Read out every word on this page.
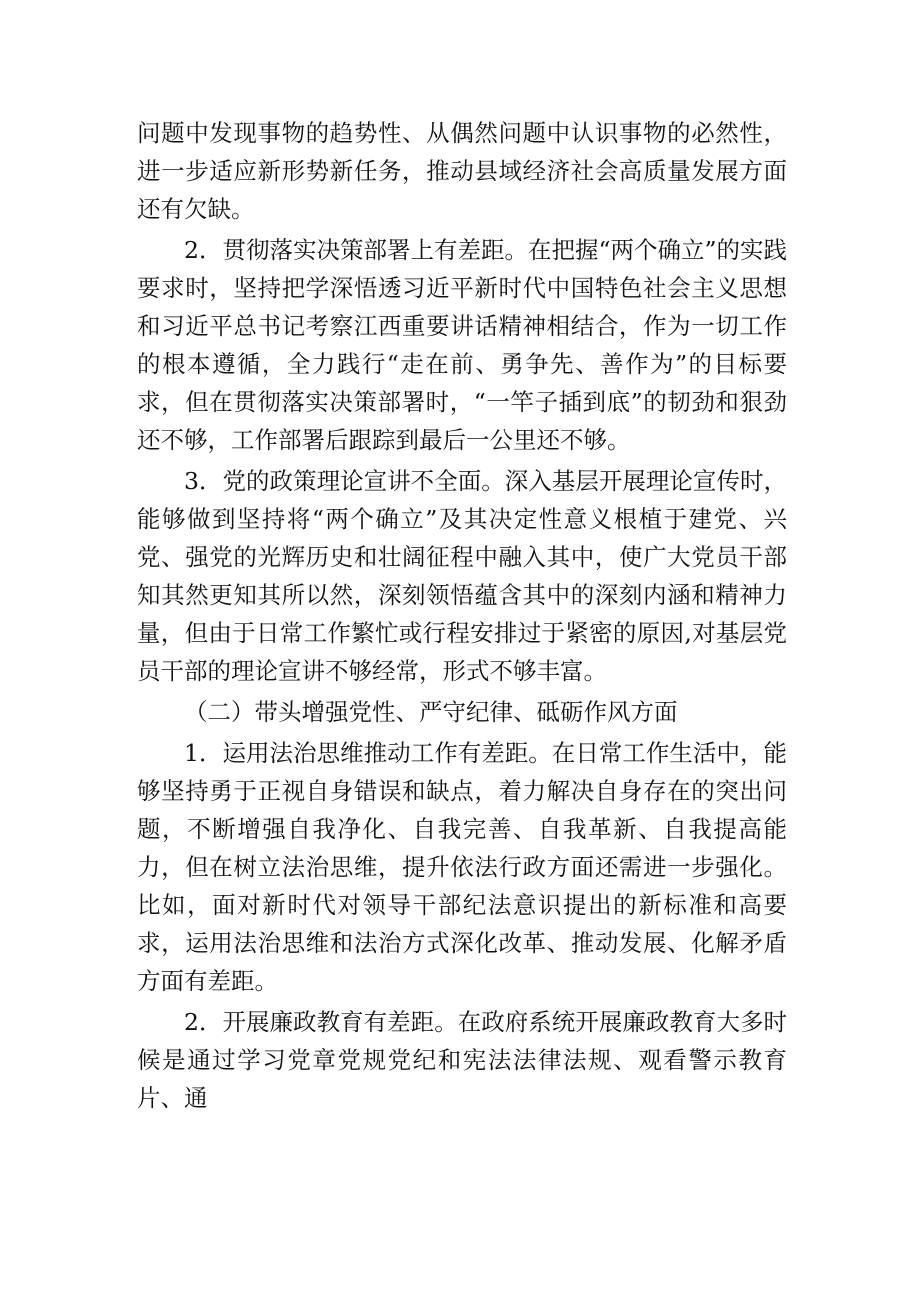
问题中发现事物的趋势性、从偶然问题中认识事物的必然性，进一步适应新形势新任务，推动县域经济社会高质量发展方面还有欠缺。

2．贯彻落实决策部署上有差距。在把握“两个确立”的实践要求时，坚持把学深悟透习近平新时代中国特色社会主义思想和习近平总书记考察江西重要讲话精神相结合，作为一切工作的根本遵循，全力践行“走在前、勇争先、善作为”的目标要求，但在贯彻落实决策部署时，“一竿子插到底”的韧劲和狠劲还不够，工作部署后跟踪到最后一公里还不够。

3．党的政策理论宣讲不全面。深入基层开展理论宣传时，能够做到坚持将“两个确立”及其决定性意义根植于建党、兴党、强党的光辉历史和壮阔征程中融入其中，使广大党员干部知其然更知其所以然，深刻领悟蕴含其中的深刻内涵和精神力量，但由于日常工作繁忙或行程安排过于紧密的原因,对基层党员干部的理论宣讲不够经常，形式不够丰富。

（二）带头增强党性、严守纪律、砥砺作风方面

1．运用法治思维推动工作有差距。在日常工作生活中，能够坚持勇于正视自身错误和缺点，着力解决自身存在的突出问题，不断增强自我净化、自我完善、自我革新、自我提高能力，但在树立法治思维，提升依法行政方面还需进一步强化。比如，面对新时代对领导干部纪法意识提出的新标准和高要求，运用法治思维和法治方式深化改革、推动发展、化解矛盾方面有差距。

2．开展廉政教育有差距。在政府系统开展廉政教育大多时候是通过学习党章党规党纪和宪法法律法规、观看警示教育片、通
